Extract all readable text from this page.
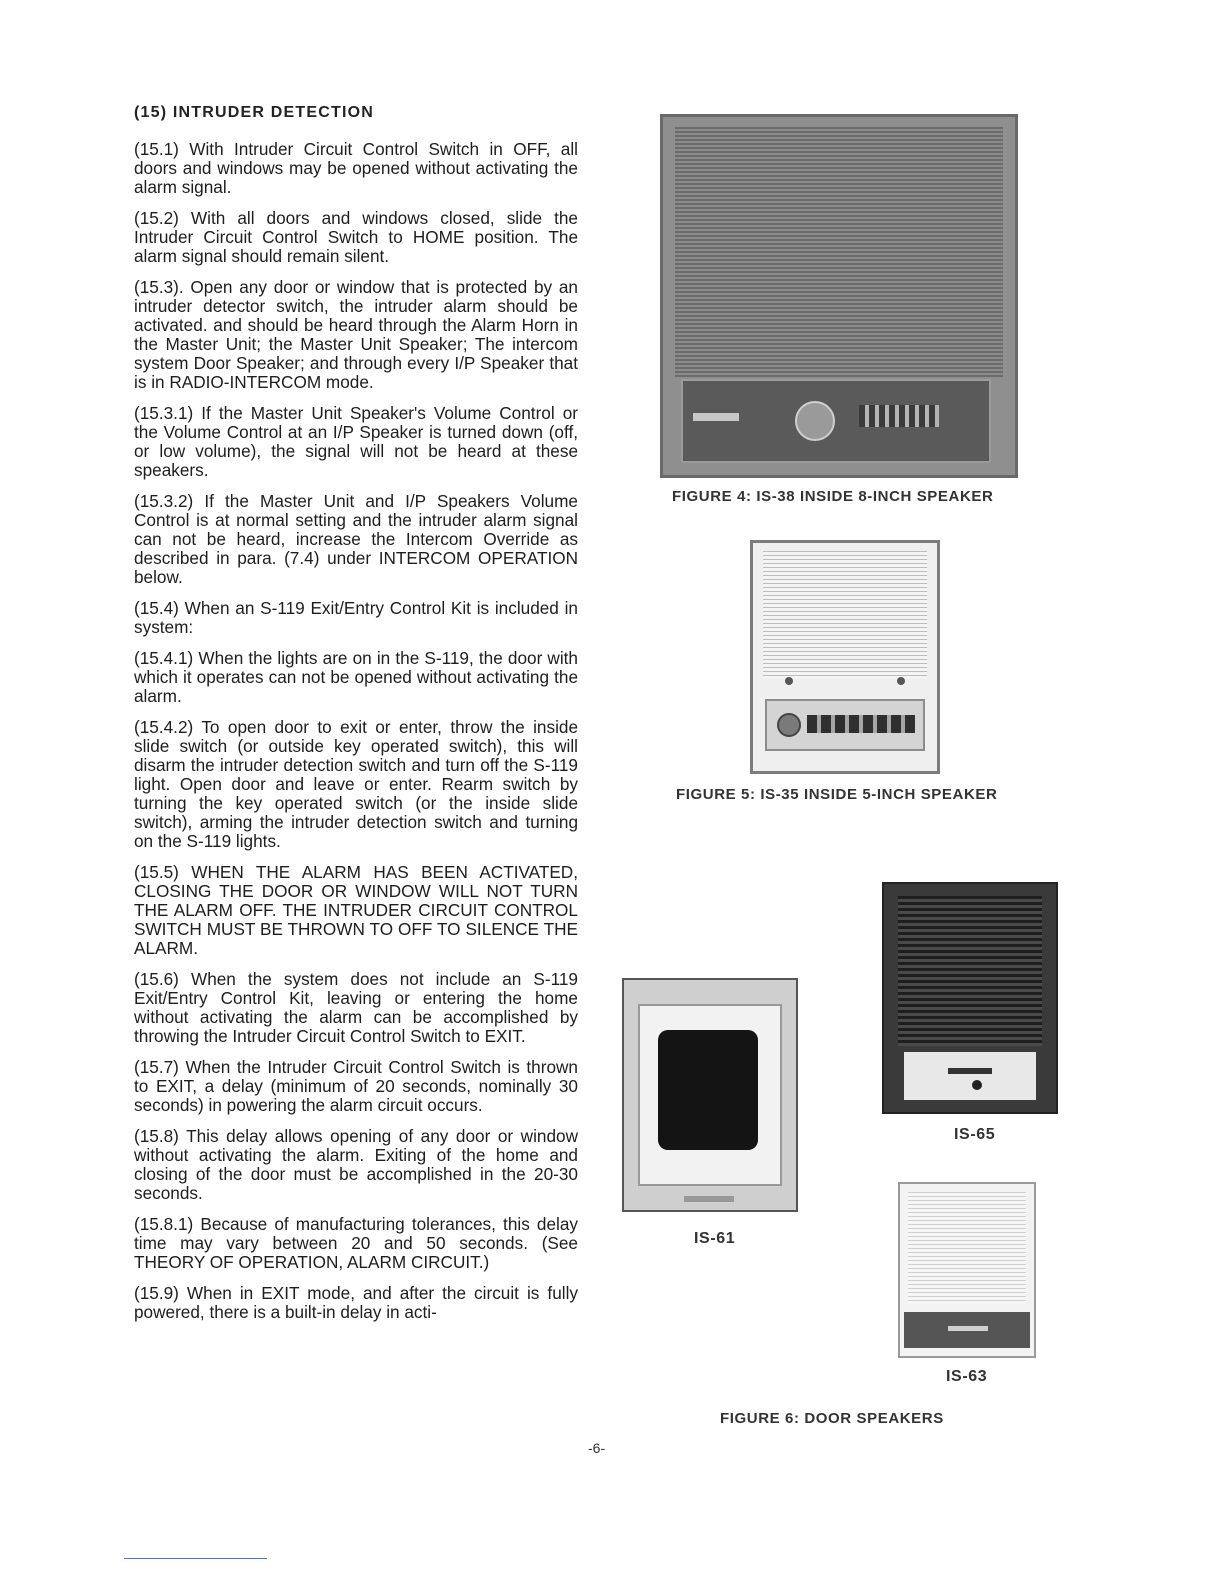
(15) INTRUDER DETECTION

(15.1) With Intruder Circuit Control Switch in OFF, all doors and windows may be opened without activating the alarm signal.

(15.2) With all doors and windows closed, slide the Intruder Circuit Control Switch to HOME position. The alarm signal should remain silent.

(15.3). Open any door or window that is protected by an intruder detector switch, the intruder alarm should be activated. and should be heard through the Alarm Horn in the Master Unit; the Master Unit Speaker; The intercom system Door Speaker; and through every I/P Speaker that is in RADIO-INTERCOM mode.

(15.3.1) If the Master Unit Speaker's Volume Control or the Volume Control at an I/P Speaker is turned down (off, or low volume), the signal will not be heard at these speakers.

(15.3.2) If the Master Unit and I/P Speakers Volume Control is at normal setting and the intruder alarm signal can not be heard, increase the Intercom Override as described in para. (7.4) under INTERCOM OPERATION below.

(15.4) When an S-119 Exit/Entry Control Kit is included in system:

(15.4.1) When the lights are on in the S-119, the door with which it operates can not be opened without activating the alarm.

(15.4.2) To open door to exit or enter, throw the inside slide switch (or outside key operated switch), this will disarm the intruder detection switch and turn off the S-119 light. Open door and leave or enter. Rearm switch by turning the key operated switch (or the inside slide switch), arming the intruder detection switch and turning on the S-119 lights.

(15.5) WHEN THE ALARM HAS BEEN ACTIVATED, CLOSING THE DOOR OR WINDOW WILL NOT TURN THE ALARM OFF. THE INTRUDER CIRCUIT CONTROL SWITCH MUST BE THROWN TO OFF TO SILENCE THE ALARM.

(15.6) When the system does not include an S-119 Exit/Entry Control Kit, leaving or entering the home without activating the alarm can be accomplished by throwing the Intruder Circuit Control Switch to EXIT.

(15.7) When the Intruder Circuit Control Switch is thrown to EXIT, a delay (minimum of 20 seconds, nominally 30 seconds) in powering the alarm circuit occurs.

(15.8) This delay allows opening of any door or window without activating the alarm. Exiting of the home and closing of the door must be accomplished in the 20-30 seconds.

(15.8.1) Because of manufacturing tolerances, this delay time may vary between 20 and 50 seconds. (See THEORY OF OPERATION, ALARM CIRCUIT.)

(15.9) When in EXIT mode, and after the circuit is fully powered, there is a built-in delay in acti-

FIGURE 4: IS-38 INSIDE 8-INCH SPEAKER
FIGURE 5: IS-35 INSIDE 5-INCH SPEAKER
IS-65
IS-61
IS-63
FIGURE 6: DOOR SPEAKERS
-6-
